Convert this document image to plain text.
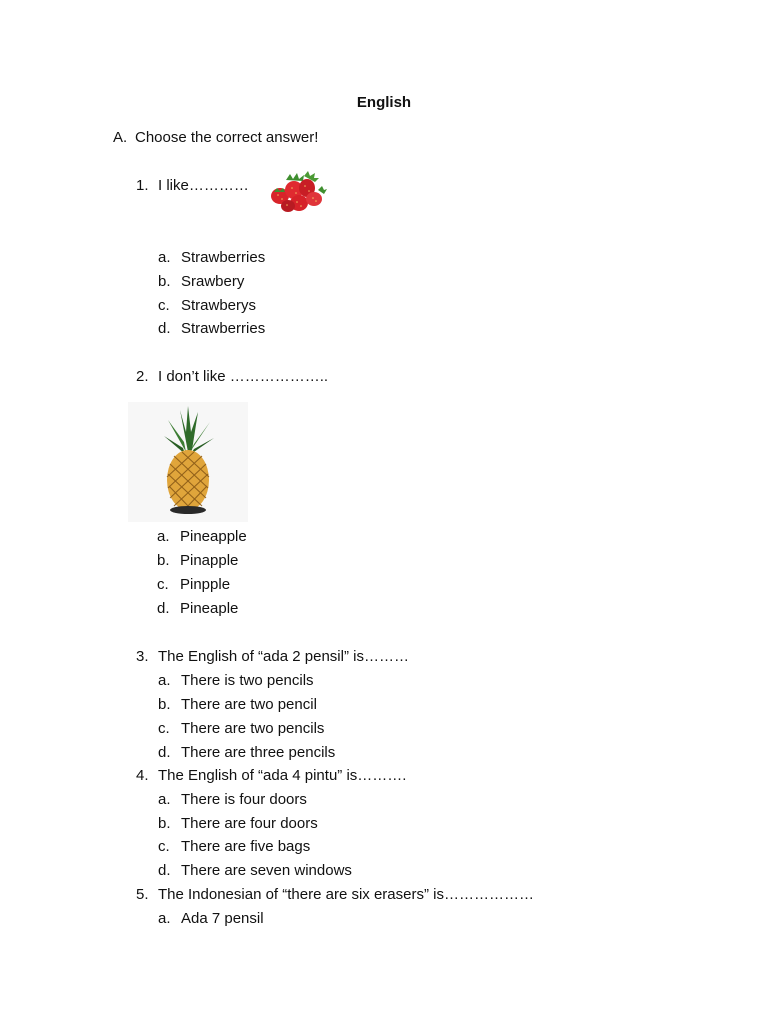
English
A. Choose the correct answer!
1. I like…………
a. Strawberries
b. Srawbery
c. Strawberys
d. Strawberries
2. I don’t like ………………..
a. Pineapple
b. Pinapple
c. Pinpple
d. Pineaple
3. The English of “ada 2 pensil” is………
a. There is two pencils
b. There are two pencil
c. There are two pencils
d. There are three pencils
4. The English of “ada 4 pintu” is……….
a. There is four doors
b. There are four doors
c. There are five bags
d. There are seven windows
5. The Indonesian of “there are six erasers” is………………
a. Ada 7 pensil
